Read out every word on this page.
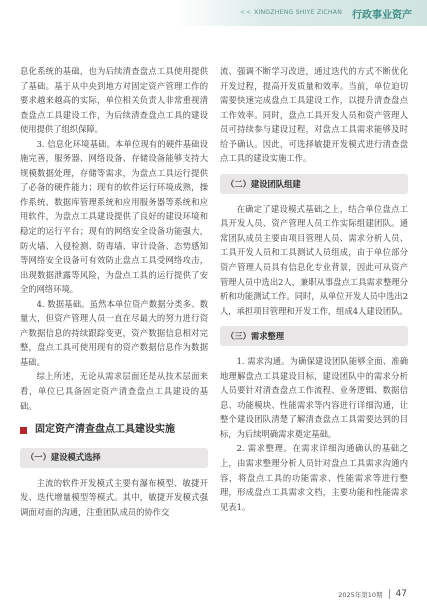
<< XINGZHENG SHIYE ZICHAN 行政事业资产

息化系统的基础，也为后续清查盘点工具使用提供了基础。基于从中央到地方对固定资产管理工作的要求越来越高的实际，单位相关负责人非常重视清查盘点工具建设工作，为后续清查盘点工具的建设使用提供了组织保障。

3. 信息化环境基础。本单位现有的硬件基础设施完善，服务器、网络设备、存储设备能够支持大规模数据处理，存储等需求，为盘点工具运行提供了必备的硬件能力；现有的软件运行环境成熟，操作系统、数据库管理系统和应用服务器等系统和应用软件，为盘点工具建设提供了良好的建设环境和稳定的运行平台；现有的网络安全设备功能强大，防火墙、入侵检测、防毒墙、审计设备、态势感知等网络安全设备可有效防止盘点工具受网络攻击，出现数据泄露等风险，为盘点工具的运行提供了安全的网络环境。

4. 数据基础。虽然本单位资产数据分类多、数量大，但资产管理人员一直在尽最大的努力进行资产数据信息的持续跟踪变更，资产数据信息相对完整，盘点工具可使用现有的资产数据信息作为数据基础。

综上所述，无论从需求层面还是从技术层面来看，单位已具备固定资产清查盘点工具建设的基础。

固定资产清查盘点工具建设实施
（一）建设模式选择

主流的软件开发模式主要有瀑布模型、敏捷开发、迭代增量模型等模式。其中，敏捷开发模式强调面对面的沟通，注重团队成员的协作交

流、强调不断学习改进，通过迭代的方式不断优化开发过程，提高开发质量和效率。当前，单位迫切需要快速完成盘点工具建设工作，以提升清查盘点工作效率。同时，盘点工具开发人员和资产管理人员可持续参与建设过程，对盘点工具需求能够及时给予确认。因此，可选择敏捷开发模式进行清查盘点工具的建设实施工作。

（二）建设团队组建

在确定了建设模式基础之上，结合单位盘点工具开发人员、资产管理人员工作实际组建团队。通常团队成员主要由项目管理人员、需求分析人员、工具开发人员和工具测试人员组成，由于单位部分资产管理人员具有信息化专业背景，因此可从资产管理人员中选出2人，兼职从事盘点工具需求整理分析和功能测试工作。同时，从单位开发人员中选出2人，承担项目管理和开发工作，组成4人建设团队。

（三）需求整理

1. 需求沟通。为确保建设团队能够全面、准确地理解盘点工具建设目标，建设团队中的需求分析人员要针对清查盘点工作流程、业务逻辑、数据信息、功能模块、性能需求等内容进行详细沟通，让整个建设团队清楚了解清查盘点工具需要达到的目标，为后续明确需求奠定基础。

2. 需求整理。在需求详细沟通确认的基础之上，由需求整理分析人员针对盘点工具需求沟通内容，将盘点工具的功能需求、性能需求等进行整理，形成盘点工具需求文档，主要功能和性能需求见表1。

2025年第10期	47
